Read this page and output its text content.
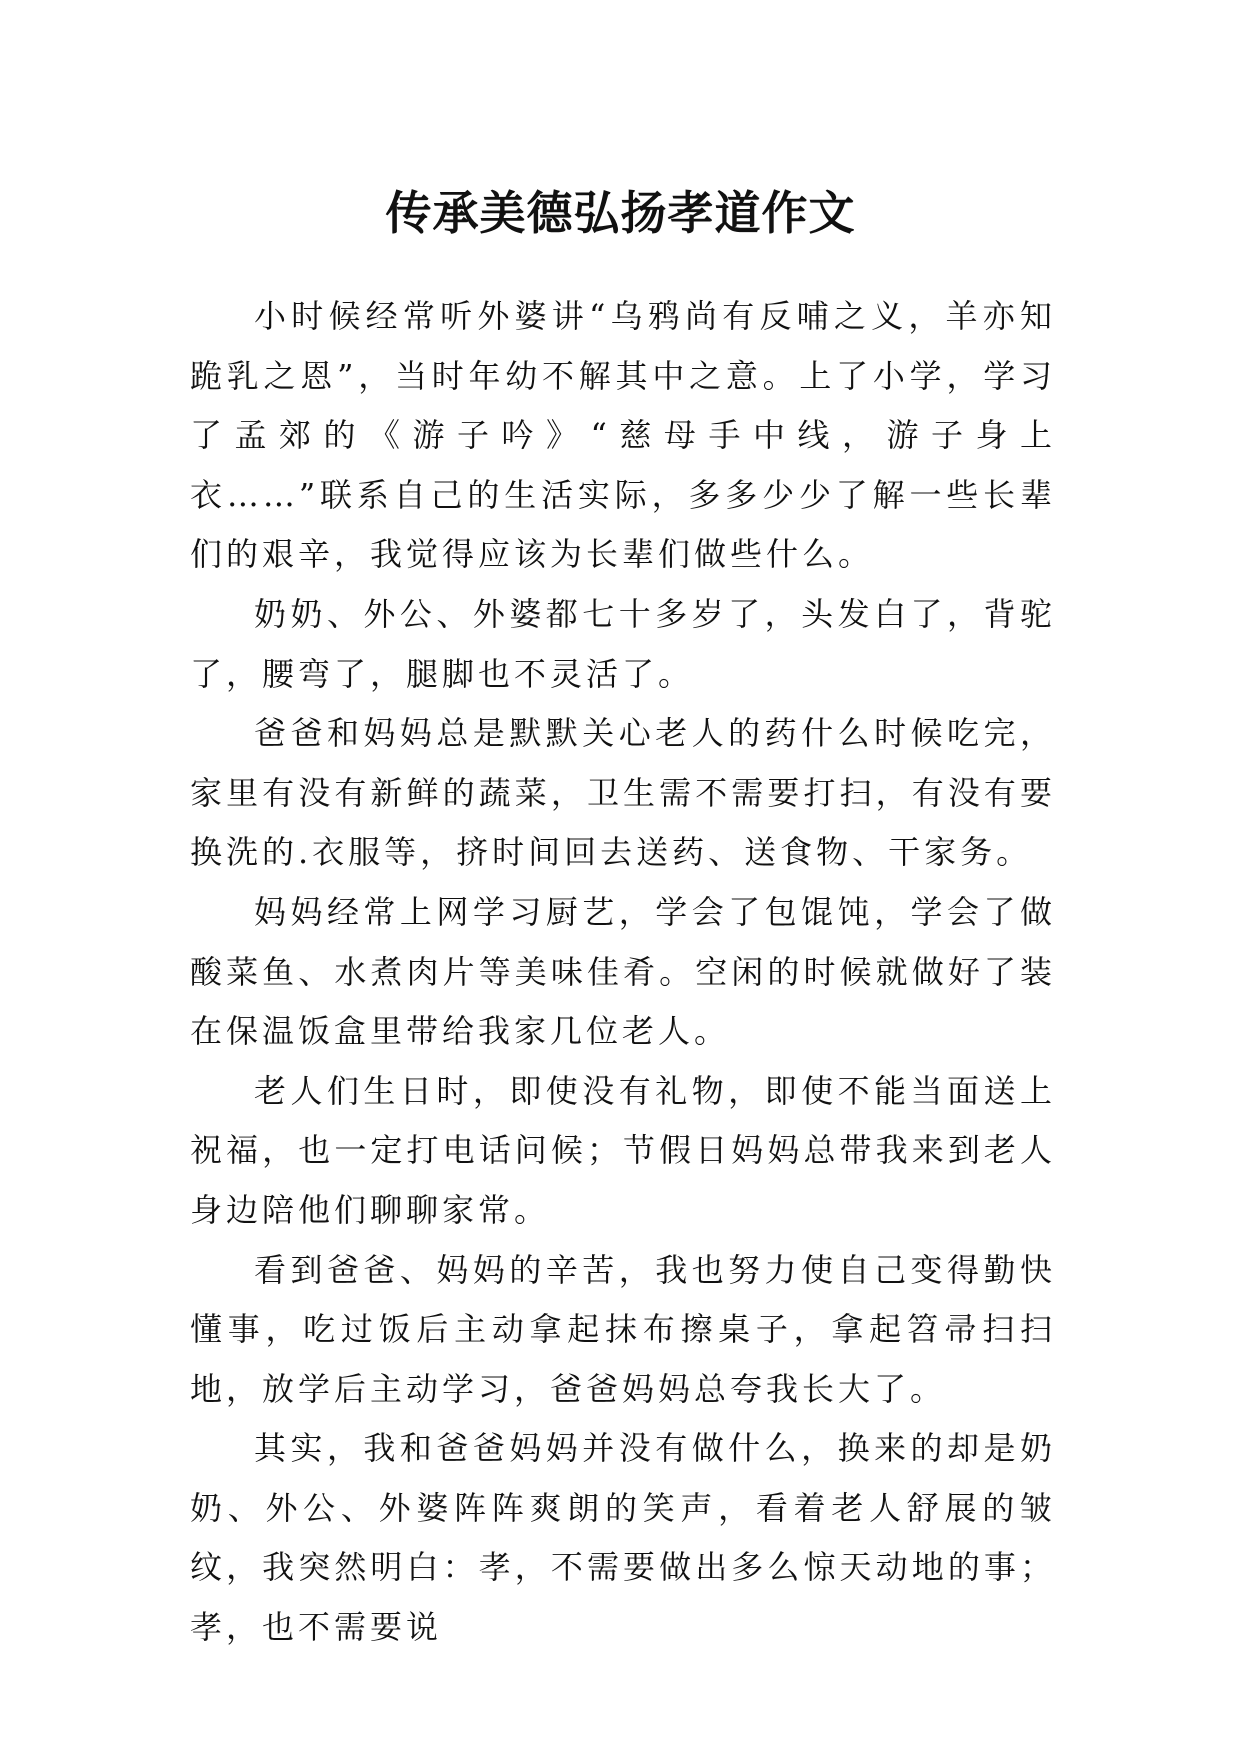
传承美德弘扬孝道作文

小时候经常听外婆讲“乌鸦尚有反哺之义，羊亦知跪乳之恩”，当时年幼不解其中之意。上了小学，学习了孟郊的《游子吟》“慈母手中线，游子身上衣……”联系自己的生活实际，多多少少了解一些长辈们的艰辛，我觉得应该为长辈们做些什么。

奶奶、外公、外婆都七十多岁了，头发白了，背驼了，腰弯了，腿脚也不灵活了。

爸爸和妈妈总是默默关心老人的药什么时候吃完，家里有没有新鲜的蔬菜，卫生需不需要打扫，有没有要换洗的.衣服等，挤时间回去送药、送食物、干家务。

妈妈经常上网学习厨艺，学会了包馄饨，学会了做酸菜鱼、水煮肉片等美味佳肴。空闲的时候就做好了装在保温饭盒里带给我家几位老人。

老人们生日时，即使没有礼物，即使不能当面送上祝福，也一定打电话问候；节假日妈妈总带我来到老人身边陪他们聊聊家常。

看到爸爸、妈妈的辛苦，我也努力使自己变得勤快懂事，吃过饭后主动拿起抹布擦桌子，拿起笤帚扫扫地，放学后主动学习，爸爸妈妈总夸我长大了。

其实，我和爸爸妈妈并没有做什么，换来的却是奶奶、外公、外婆阵阵爽朗的笑声，看着老人舒展的皱纹，我突然明白：孝，不需要做出多么惊天动地的事；孝，也不需要说
